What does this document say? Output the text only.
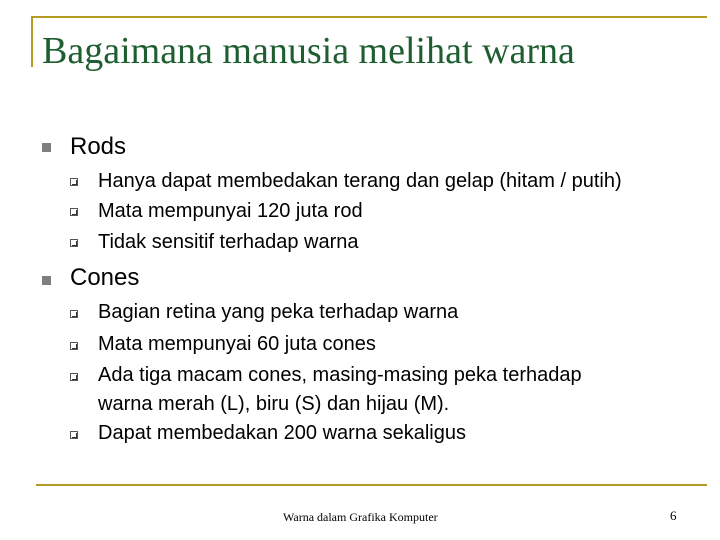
Bagaimana manusia melihat warna
Rods
Hanya dapat membedakan terang dan gelap (hitam / putih)
Mata mempunyai 120 juta rod
Tidak sensitif terhadap warna
Cones
Bagian retina yang peka terhadap warna
Mata mempunyai 60 juta cones
Ada tiga macam cones, masing-masing peka terhadap
warna merah (L), biru (S) dan hijau (M).
Dapat membedakan 200 warna sekaligus
Warna dalam Grafika Komputer	6
